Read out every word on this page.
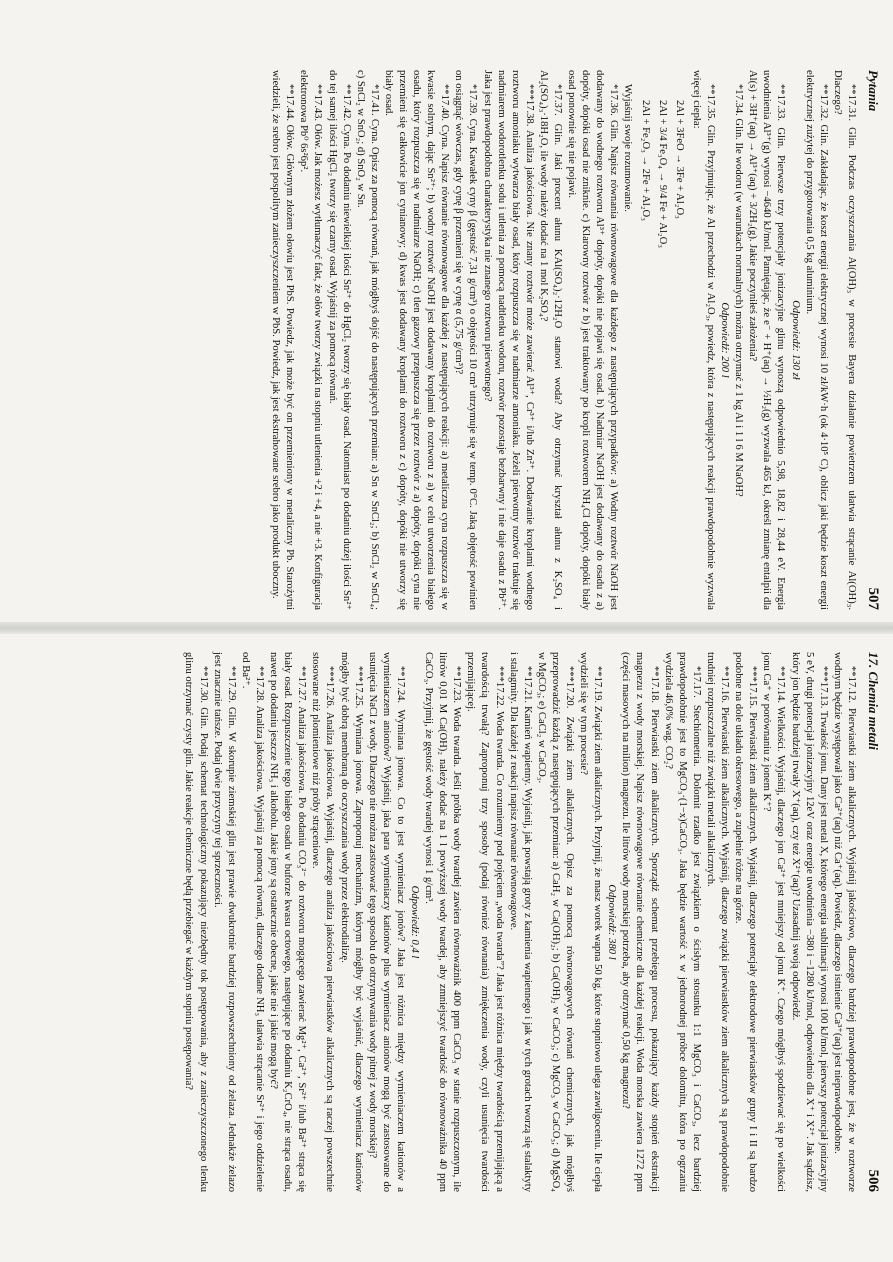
Pytania
507

**17.31. Glin. Podczas oczyszczania Al(OH)₃ w procesie Bayera działanie powietrzem ułatwia strącanie Al(OH)₃. Dlaczego?

**17.32. Glin. Zakładając, że koszt energii elektrycznej wynosi 10 zł/kW·h (ok 4·10⁵ C), oblicz jaki będzie koszt energii elektrycznej zużytej do przygotowania 0,5 kg aluminium.

Odpowiedź: 130 zł

**17.33. Glin. Pierwsze trzy potencjały jonizacyjne glinu wynoszą odpowiednio 5,98, 18,82 i 28,44 eV. Energia uwodnienia Al³⁺(g) wynosi −4640 kJ/mol. Pamiętając, że e⁻ + H⁺(aq) → ½H₂(g) wyzwala 465 kJ, określ zmianę entalpii dla Al(s) + 3H⁺(aq) → Al³⁺(aq) + 3/2H₂(g). Jakie poczyniłeś założenia?

*17.34. Glin. Ile wodoru (w warunkach normalnych) można otrzymać z 1 kg Al i 1 l 6 M NaOH?

Odpowiedź: 200 l

**17.35. Glin. Przyjmując, że Al przechodzi w Al₂O₃, powiedz, która z następujących reakcji prawdopodobnie wyzwala więcej ciepła:

2Al + 3FeO → 3Fe + Al₂O₃

2Al + 3/4 Fe₃O₄ → 9/4 Fe + Al₂O₃

2Al + Fe₂O₃ → 2Fe + Al₂O₃

Wyjaśnij swoje rozumowanie.

*17.36. Glin. Napisz równania równowagowe dla każdego z następujących przypadków: a) Wodny roztwór NaOH jest dodawany do wodnego roztworu Al³⁺ dopóty, dopóki nie pojawi się osad. b) Nadmiar NaOH jest dodawany do osadu z a) dopóty, dopóki osad nie zniknie. c) Klarowny roztwór z b) jest traktowany po kropli roztworem NH₄Cl dopóty, dopóki biały osad ponownie się nie pojawi.

*17.37. Glin. Jaki procent ałunu KAl(SO₄)₂·12H₂O stanowi woda? Aby otrzymać kryształ ałunu z K₂SO₄ i Al₂(SO₄)₃·18H₂O, ile wody należy dodać na 1 mol K₂SO₄?

***17.38. Analiza jakościowa. Nie znany roztwór może zawierać Al³⁺, Cr³⁺ i/lub Zn²⁺. Dodawanie kroplami wodnego roztworu amoniaku wytwarza biały osad, który rozpuszcza się w nadmiarze amoniaku. Jeżeli pierwotny roztwór traktuje się nadmiarem wodorotlenku sodu i utlenia za pomocą nadtlenku wodoru, roztwór pozostaje bezbarwny i nie daje osadu z Pb²⁺. Jaka jest prawdopodobna charakterystyka nie znanego roztworu pierwotnego?

*17.39. Cyna. Kawałek cyny β (gęstość 7,31 g/cm³) o objętości 10 cm³ utrzymuje się w temp. 0°C. Jaką objętość powinien on osiągnąć wówczas, gdy cynę β przemieni się w cynę α (5,75 g/cm³)?

**17.40. Cyna. Napisz równanie równowagowe dla każdej z następujących reakcji: a) metaliczna cyna rozpuszcza się w kwasie solnym, dając Sn²⁺; b) wodny roztwór NaOH jest dodawany kroplami do roztworu z a) w celu utworzenia białego osadu, który rozpuszcza się w nadmiarze NaOH; c) tlen gazowy przepuszcza się przez roztwór z a) dopóty, dopóki cyna nie przemieni się całkowicie jon cynianowy; d) kwas jest dodawany kroplami do roztworu z c) dopóty, dopóki nie utworzy się biały osad.

*17.41. Cyna. Opisz za pomocą równań, jak mógłbyś dojść do następujących przemian: a) Sn w SnCl₂; b) SnCl₂ w SnCl₄; c) SnCl₂ w SnO₂; d) SnO₂ w Sn.

**17.42. Cyna. Po dodaniu niewielkiej ilości Sn²⁺ do HgCl₂ tworzy się biały osad. Natomiast po dodaniu dużej ilości Sn²⁺ do tej samej ilości HgCl₂ tworzy się czarny osad. Wyjaśnij za pomocą równań.

**17.43. Ołów. Jak możesz wytłumaczyć fakt, że ołów tworzy związki na stopniu utlenienia +2 i +4, a nie +3. Konfiguracja elektronowa Pb⁰ 6s²6p².

**17.44. Ołów. Głównym złożem ołowiu jest PbS. Powiedz, jak może być on przemieniony w metaliczny Pb. Starożytni wiedzieli, że srebro jest pospolitym zanieczyszczeniem w PbS. Powiedz, jak jest ekstrahowane srebro jako produkt uboczny.

17. Chemia metali
506

**17.12. Pierwiastki ziem alkalicznych. Wyjaśnij jakościowo, dlaczego bardziej prawdopodobne jest, że w roztworze wodnym będzie występował jako Ca²⁺(aq) niż Ca⁺(aq). Powiedz, dlaczego istnienie Ca³⁺(aq) jest nieprawdopodobne.

***17.13. Trwałość jonu. Dany jest metal X, którego energia sublimacji wynosi 100 kJ/mol, pierwszy potencjał jonizacyjny 5 eV, drugi potencjał jonizacyjny 12eV oraz energie uwodnienia −380 i −1280 kJ/mol, odpowiednio dla X⁺ i X²⁺. Jak sądzisz, który jon będzie bardziej trwały X⁺(aq), czy też X²⁺(aq)? Uzasadnij swoją odpowiedź.

**17.14. Wielkości. Wyjaśnij, dlaczego jon Ca²⁺ jest mniejszy od jonu K⁺. Czego mógłbyś spodziewać się po wielkości jonu Ca⁺ w porównaniu z jonem K⁺?

***17.15. Pierwiastki ziem alkalicznych. Wyjaśnij, dlaczego potencjały elektrodowe pierwiastków grupy I i II są bardzo podobne na dole układu okresowego, a zupełnie różne na górze.

**17.16. Pierwiastki ziem alkalicznych. Wyjaśnij, dlaczego związki pierwiastków ziem alkalicznych są prawdopodobnie trudniej rozpuszczalne niż związki metali alkalicznych.

*17.17. Stechiometria. Dolomit rzadko jest związkiem o ścisłym stosunku 1:1 MgCO₃ i CaCO₃, lecz bardziej prawdopodobnie jest to MgCO₃·(1−x)CaCO₃. Jaka będzie wartość x w jednorodnej próbce dolomitu, która po ogrzaniu wydziela 46,0% wag. CO₂?

**17.18. Pierwiastki ziem alkalicznych. Sporządź schemat przebiegu procesu, pokazujący każdy stopień ekstrakcji magnezu z wody morskiej. Napisz równowagowe równanie chemiczne dla każdej reakcji. Woda morska zawiera 1272 ppm (części masowych na milion) magnezu. Ile litrów wody morskiej potrzeba, aby otrzymać 0,50 kg magnezu?

Odpowiedź: 380 l

**17.19. Związki ziem alkalicznych. Przyjmij, że masz worek wapna 50 kg, które stopniowo ulega zawilgoceniu. Ile ciepła wydzieli się w tym procesie?

***17.20. Związki ziem alkalicznych. Opisz za pomocą równowagowych równań chemicznych, jak mógłbyś przeprowadzić każdą z następujących przemian: a) CaH₂ w Ca(OH)₂; b) Ca(OH)₂ w CaCO₃; c) MgCO₃ w CaCO₃; d) MgSO₄ w MgCO₃; e) CaCl₂ w CaCO₃.

**17.21. Kamień wapienny. Wyjaśnij, jak powstają groty z kamienia wapiennego i jak w tych grotach tworzą się stalaktyty i stalagmity. Dla każdej z reakcji napisz równanie równowagowe.

***17.22. Woda twarda. Co rozumiemy pod pojęciem „woda twarda”? Jaka jest różnica między twardością przemijającą a twardością trwałą? Zaproponuj trzy sposoby (podaj również równania) zmiękczenia wody, czyli usunięcia twardości przemijającej.

**17.23. Woda twarda. Jeśli próbka wody twardej zawiera równoważnik 400 ppm CaCO₃ w stanie rozpuszczonym, ile litrów 0,01 M Ca(OH)₂ należy dodać na 1 l powyższej wody twardej, aby zmniejszyć twardość do równoważnika 40 ppm CaCO₃. Przyjmij, że gęstość wody twardej wynosi 1 g/cm³.

Odpowiedź: 0,4 l

**17.24. Wymiana jonowa. Co to jest wymieniacz jonów? Jaka jest różnica między wymieniaczem kationów a wymieniaczem anionów? Wyjaśnij, jaka para wymieniaczy kationów plus wymieniacz anionów mogą być zastosowane do usunięcia NaCl z wody. Dlaczego nie można zastosować tego sposobu do otrzymywania wody pitnej z wody morskiej?

***17.25. Wymiana jonowa. Zaproponuj mechanizm, którym mógłby być wyjaśnić, dlaczego wymieniacz kationów mógłby być dobrą membraną do oczyszczania wody przez elektrodializę.

***17.26. Analiza jakościowa. Wyjaśnij, dlaczego analiza jakościowa pierwiastków alkalicznych są raczej powszechnie stosowane niż plomieniowe niż próby strąceniowe.

**17.27. Analiza jakościowa. Po dodaniu CO₃²⁻ do roztworu mogącego zawierać Mg²⁺, Ca²⁺, Sr²⁺ i/lub Ba²⁺ strąca się biały osad. Rozpuszczenie tego białego osadu w buforze kwasu octowego, następujące po dodaniu K₂CrO₄, nie strąca osadu, nawet po dodaniu jeszcze NH₃ i alkoholu. Jakie jony są ostatecznie obecne, jakie nie i jakie mogą być?

**17.28. Analiza jakościowa. Wyjaśnij za pomocą równań, dlaczego dodane NH₃ ułatwia strącanie Sr²⁺ i jego oddzielenie od Ba²⁺.

**17.29. Glin. W skorupie ziemskiej glin jest prawie dwukrotnie bardziej rozpowszechniony od żelaza. Jednakże żelazo jest znacznie tańsze. Podaj dwie przyczyny tej sprzeczności.

**17.30. Glin. Podaj schemat technologiczny pokazujący niezbędny tok postępowania, aby z zanieczyszczonego tlenku glinu otrzymać czysty glin. Jakie reakcje chemiczne będą przebiegać w każdym stopniu postępowania?
